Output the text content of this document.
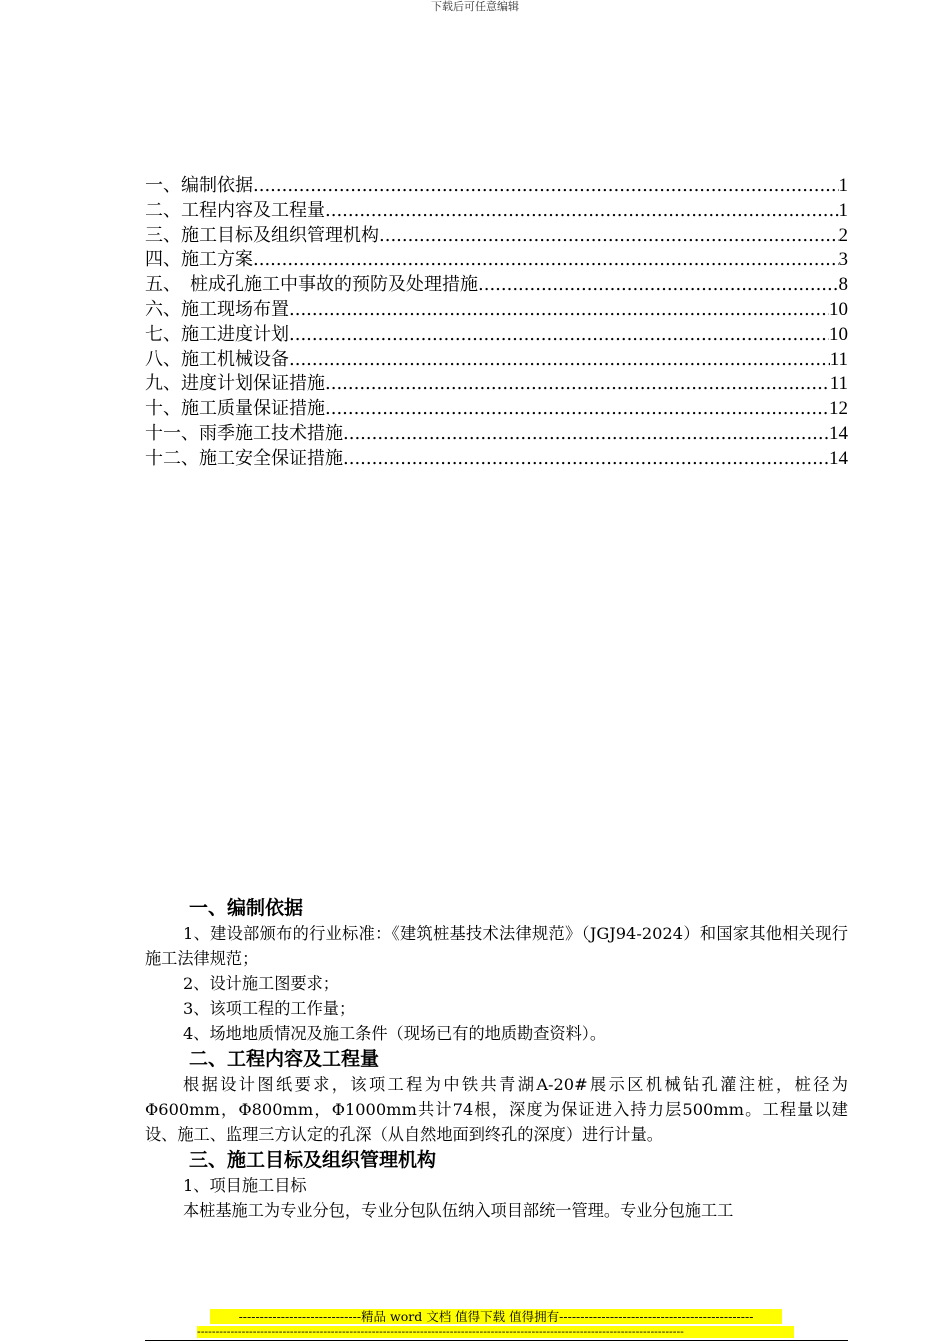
下载后可任意编辑
一、编制依据 .....	1
二、工程内容及工程量 .....	1
三、施工目标及组织管理机构 .....	2
四、施工方案 .....	3
五、　桩成孔施工中事故的预防及处理措施 .....	8
六、施工现场布置 .....	10
七、施工进度计划 .....	10
八、施工机械设备 .....	11
九、进度计划保证措施 .....	11
十、施工质量保证措施 .....	12
十一、雨季施工技术措施 .....	14
十二、施工安全保证措施 .....	14

一、编制依据

1、建设部颁布的行业标准：《建筑桩基技术法律规范》（JGJ94-2024）和国家其他相关现行施工法律规范；

2、设计施工图要求；

3、该项工程的工作量；

4、场地地质情况及施工条件（现场已有的地质勘查资料）。

二、工程内容及工程量

根据设计图纸要求，该项工程为中铁共青湖A-20#展示区机械钻孔灌注桩，桩径为Φ600mm，Φ800mm，Φ1000mm共计74根，深度为保证进入持力层500mm。工程量以建设、施工、监理三方认定的孔深（从自然地面到终孔的深度）进行计量。

三、施工目标及组织管理机构

1、项目施工目标

本桩基施工为专业分包，专业分包队伍纳入项目部统一管理。专业分包施工工

-----------------------------精品 word 文档 值得下载 值得拥有----------------------------------------------
-----------------------------------------------------------------------------------------------------------------------------------
